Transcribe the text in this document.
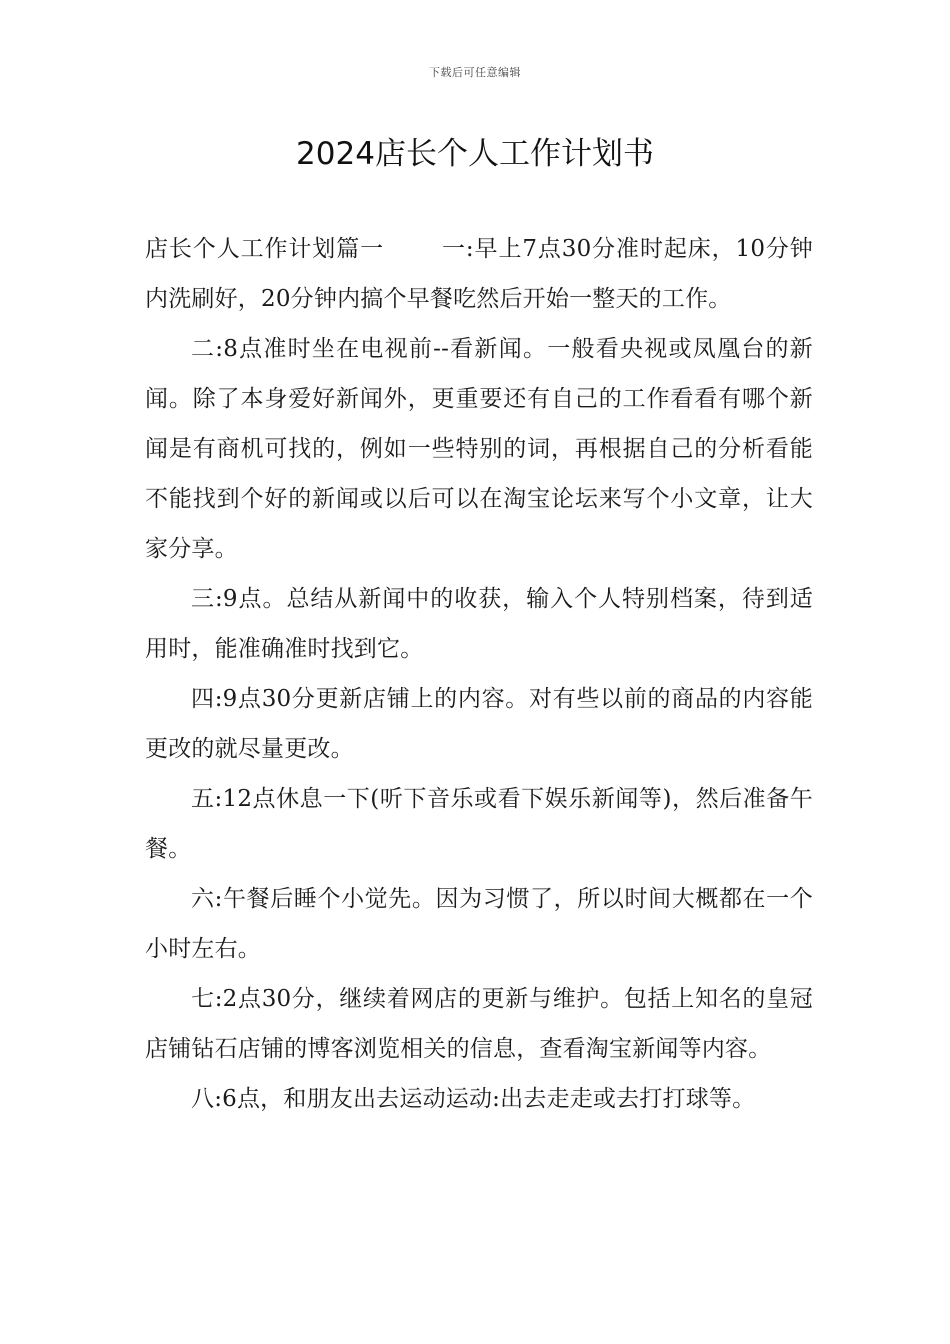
下载后可任意编辑
2024店长个人工作计划书

店长个人工作计划篇一	一:早上7点30分准时起床，10分钟内洗刷好，20分钟内搞个早餐吃然后开始一整天的工作。

二:8点准时坐在电视前--看新闻。一般看央视或凤凰台的新闻。除了本身爱好新闻外，更重要还有自己的工作看看有哪个新闻是有商机可找的，例如一些特别的词，再根据自己的分析看能不能找到个好的新闻或以后可以在淘宝论坛来写个小文章，让大家分享。

三:9点。总结从新闻中的收获，输入个人特别档案，待到适用时，能准确准时找到它。

四:9点30分更新店铺上的内容。对有些以前的商品的内容能更改的就尽量更改。

五:12点休息一下(听下音乐或看下娱乐新闻等)，然后准备午餐。

六:午餐后睡个小觉先。因为习惯了，所以时间大概都在一个小时左右。

七:2点30分，继续着网店的更新与维护。包括上知名的皇冠店铺钻石店铺的博客浏览相关的信息，查看淘宝新闻等内容。

八:6点，和朋友出去运动运动:出去走走或去打打球等。
